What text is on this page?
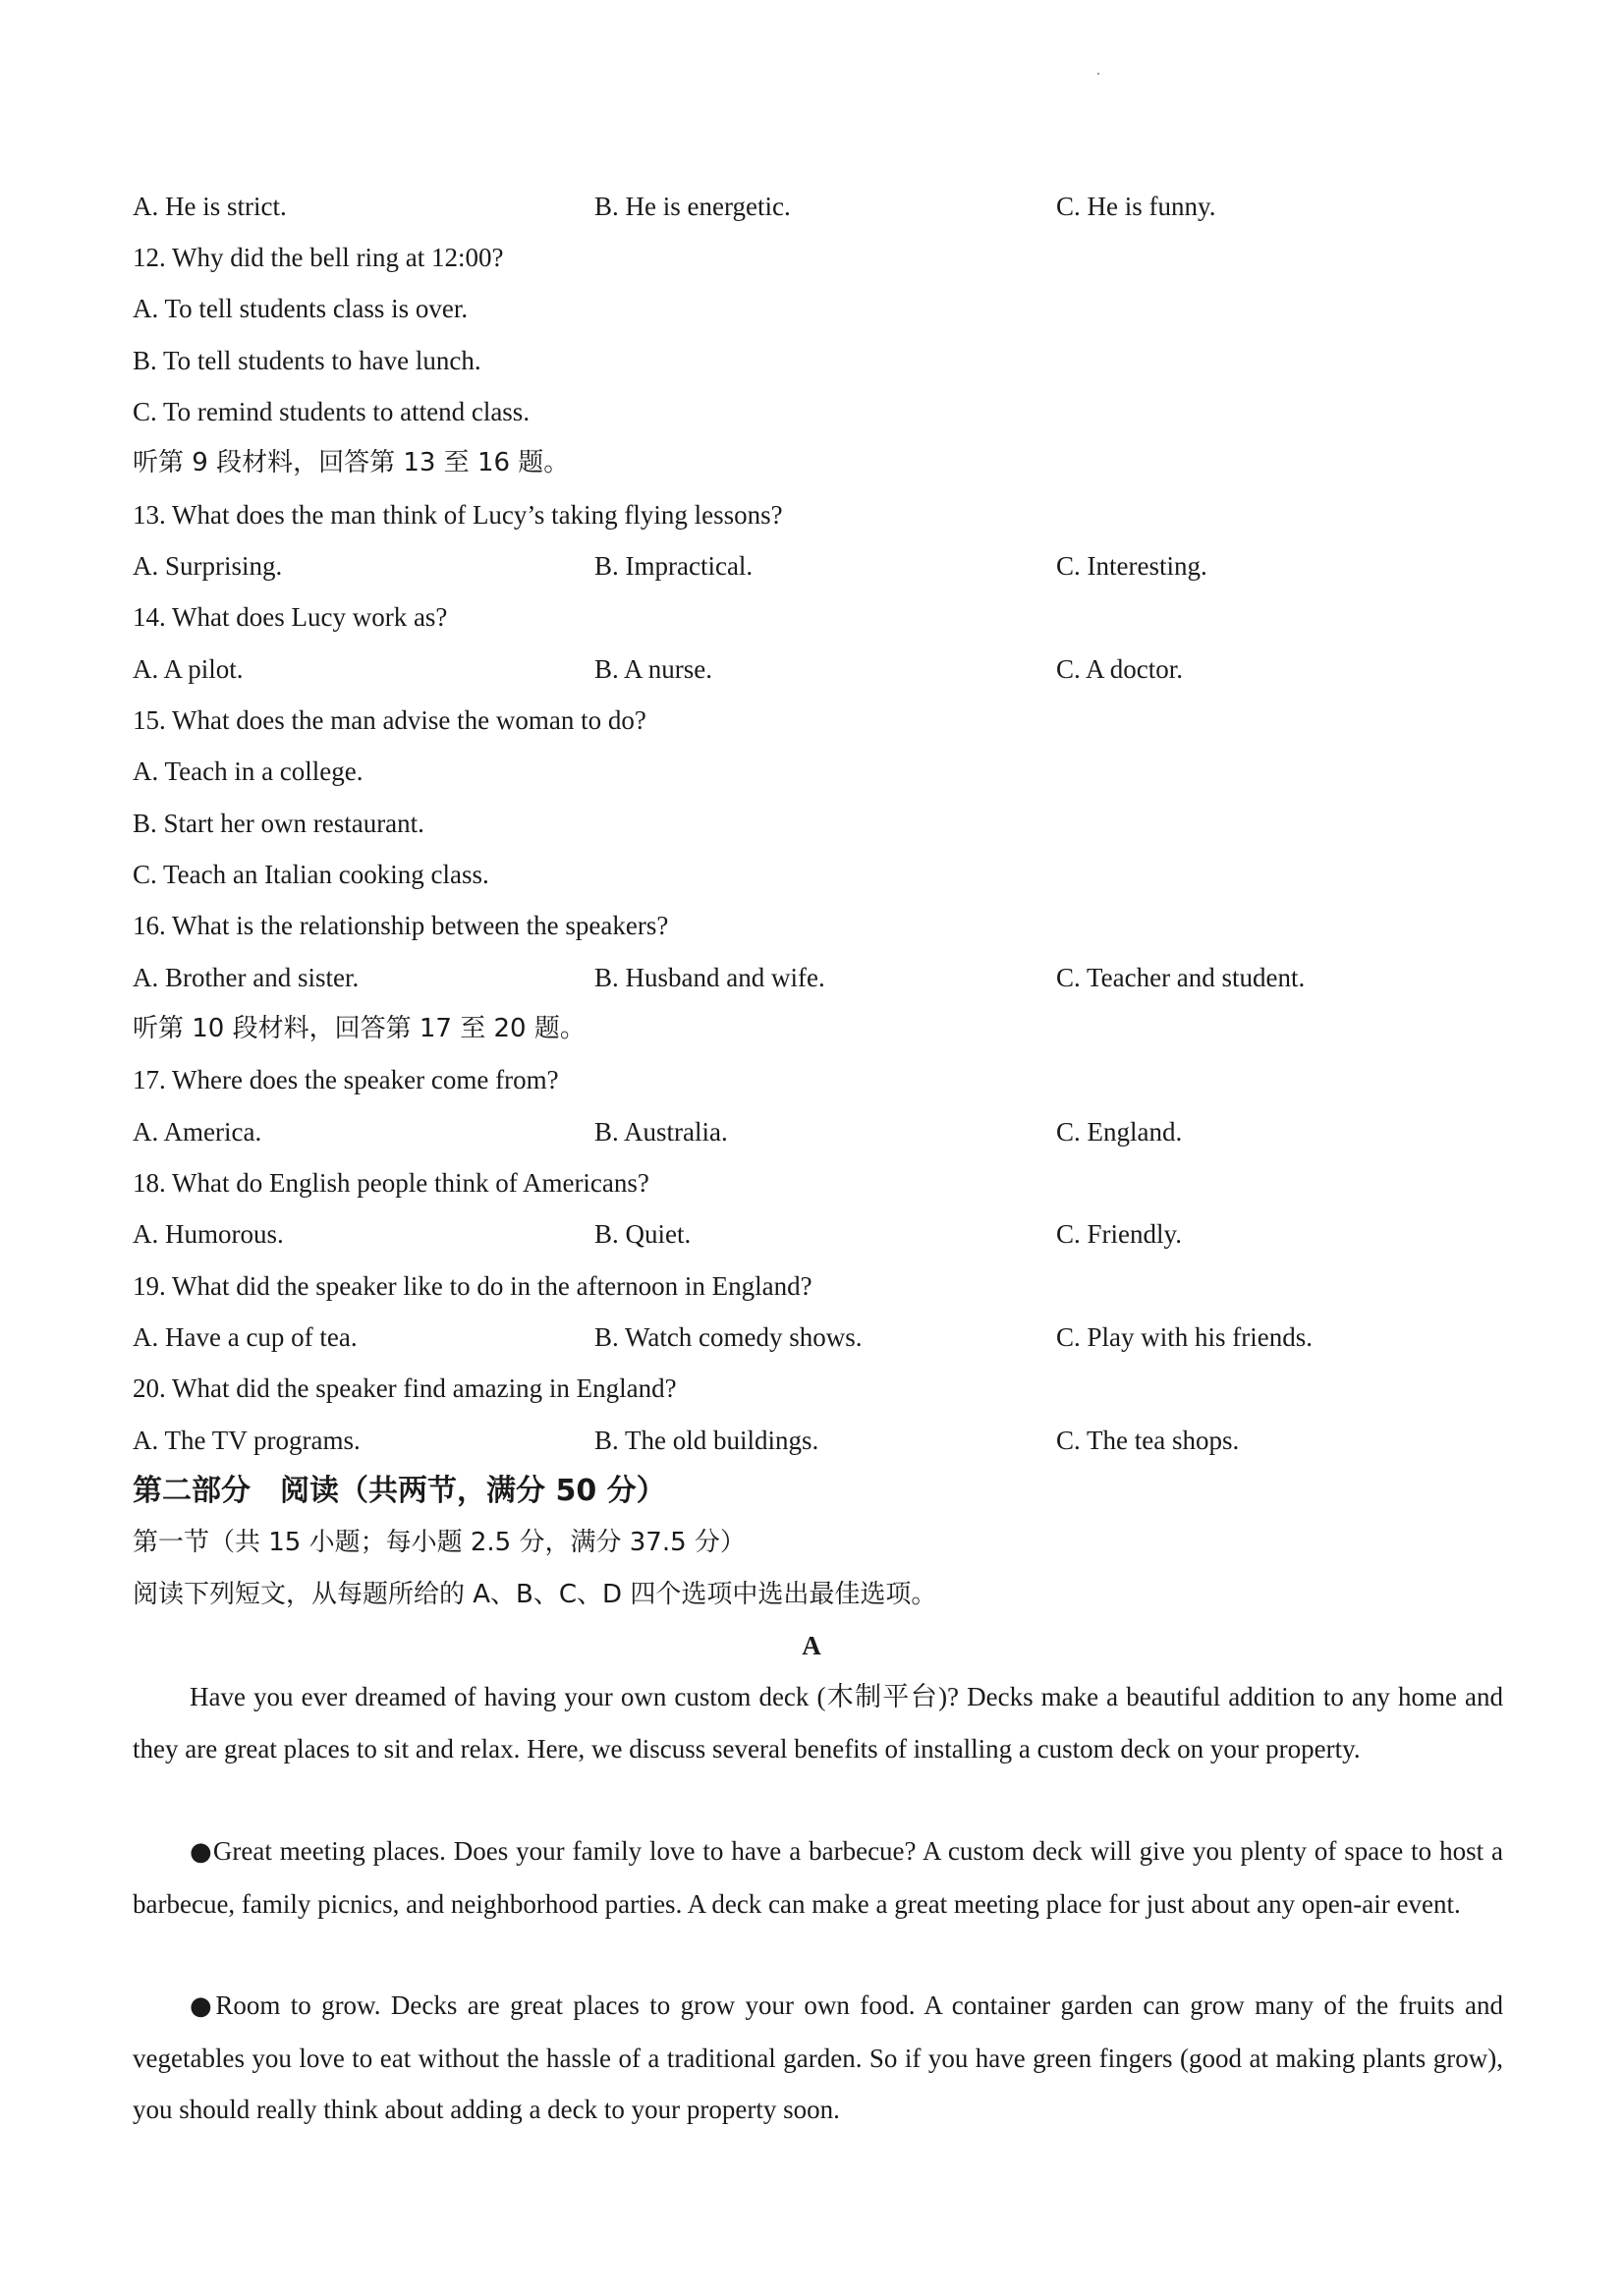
A. He is strict.	B. He is energetic.	C. He is funny.
12. Why did the bell ring at 12:00?
A. To tell students class is over.
B. To tell students to have lunch.
C. To remind students to attend class.
听第 9 段材料，回答第 13 至 16 题。
13. What does the man think of Lucy’s taking flying lessons?
A. Surprising.	B. Impractical.	C. Interesting.
14. What does Lucy work as?
A. A pilot.	B. A nurse.	C. A doctor.
15. What does the man advise the woman to do?
A. Teach in a college.
B. Start her own restaurant.
C. Teach an Italian cooking class.
16. What is the relationship between the speakers?
A. Brother and sister.	B. Husband and wife.	C. Teacher and student.
听第 10 段材料，回答第 17 至 20 题。
17. Where does the speaker come from?
A. America.	B. Australia.	C. England.
18. What do English people think of Americans?
A. Humorous.	B. Quiet.	C. Friendly.
19. What did the speaker like to do in the afternoon in England?
A. Have a cup of tea.	B. Watch comedy shows.	C. Play with his friends.
20. What did the speaker find amazing in England?
A. The TV programs.	B. The old buildings.	C. The tea shops.
第二部分　阅读（共两节，满分 50 分）
第一节（共 15 小题；每小题 2.5 分，满分 37.5 分）
阅读下列短文，从每题所给的 A、B、C、D 四个选项中选出最佳选项。
A
Have you ever dreamed of having your own custom deck (木制平台)? Decks make a beautiful addition to any home and they are great places to sit and relax. Here, we discuss several benefits of installing a custom deck on your property.
●Great meeting places. Does your family love to have a barbecue? A custom deck will give you plenty of space to host a barbecue, family picnics, and neighborhood parties. A deck can make a great meeting place for just about any open-air event.
●Room to grow. Decks are great places to grow your own food. A container garden can grow many of the fruits and vegetables you love to eat without the hassle of a traditional garden. So if you have green fingers (good at making plants grow), you should really think about adding a deck to your property soon.
